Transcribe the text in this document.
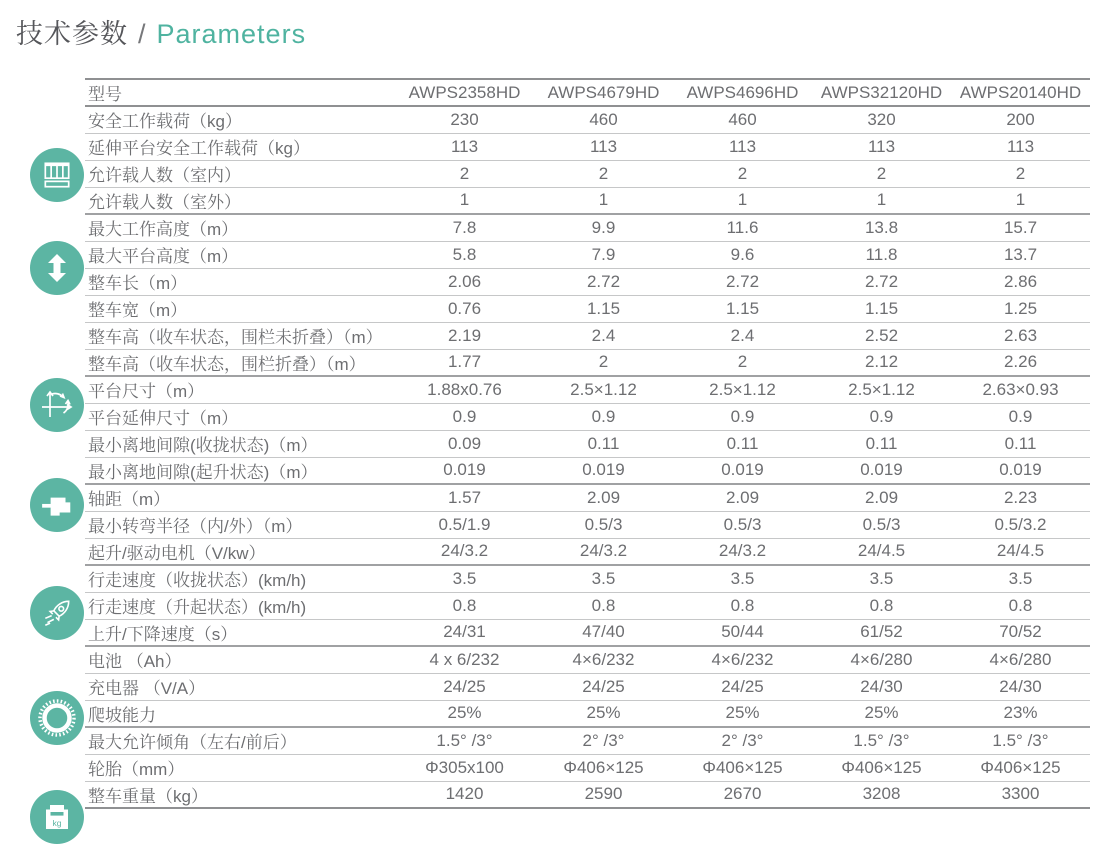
技术参数 / Parameters
kg
型号	AWPS2358HD	AWPS4679HD	AWPS4696HD	AWPS32120HD	AWPS20140HD
安全工作载荷（kg）	230	460	460	320	200
延伸平台安全工作载荷（kg）	113	113	113	113	113
允许载人数（室内）	2	2	2	2	2
允许载人数（室外）	1	1	1	1	1
最大工作高度（m）	7.8	9.9	11.6	13.8	15.7
最大平台高度（m）	5.8	7.9	9.6	11.8	13.7
整车长（m）	2.06	2.72	2.72	2.72	2.86
整车宽（m）	0.76	1.15	1.15	1.15	1.25
整车高（收车状态，围栏未折叠）（m）	2.19	2.4	2.4	2.52	2.63
整车高（收车状态，围栏折叠）（m）	1.77	2	2	2.12	2.26
平台尺寸（m）	1.88x0.76	2.5×1.12	2.5×1.12	2.5×1.12	2.63×0.93
平台延伸尺寸（m）	0.9	0.9	0.9	0.9	0.9
最小离地间隙(收拢状态)（m）	0.09	0.11	0.11	0.11	0.11
最小离地间隙(起升状态)（m）	0.019	0.019	0.019	0.019	0.019
轴距（m）	1.57	2.09	2.09	2.09	2.23
最小转弯半径（内/外）（m）	0.5/1.9	0.5/3	0.5/3	0.5/3	0.5/3.2
起升/驱动电机（V/kw）	24/3.2	24/3.2	24/3.2	24/4.5	24/4.5
行走速度（收拢状态）(km/h)	3.5	3.5	3.5	3.5	3.5
行走速度（升起状态）(km/h)	0.8	0.8	0.8	0.8	0.8
上升/下降速度（s）	24/31	47/40	50/44	61/52	70/52
电池 （Ah）	4 x 6/232	4×6/232	4×6/232	4×6/280	4×6/280
充电器 （V/A）	24/25	24/25	24/25	24/30	24/30
爬坡能力	25%	25%	25%	25%	23%
最大允许倾角（左右/前后）	1.5° /3°	2° /3°	2° /3°	1.5° /3°	1.5° /3°
轮胎（mm）	Φ305x100	Φ406×125	Φ406×125	Φ406×125	Φ406×125
整车重量（kg）	1420	2590	2670	3208	3300
